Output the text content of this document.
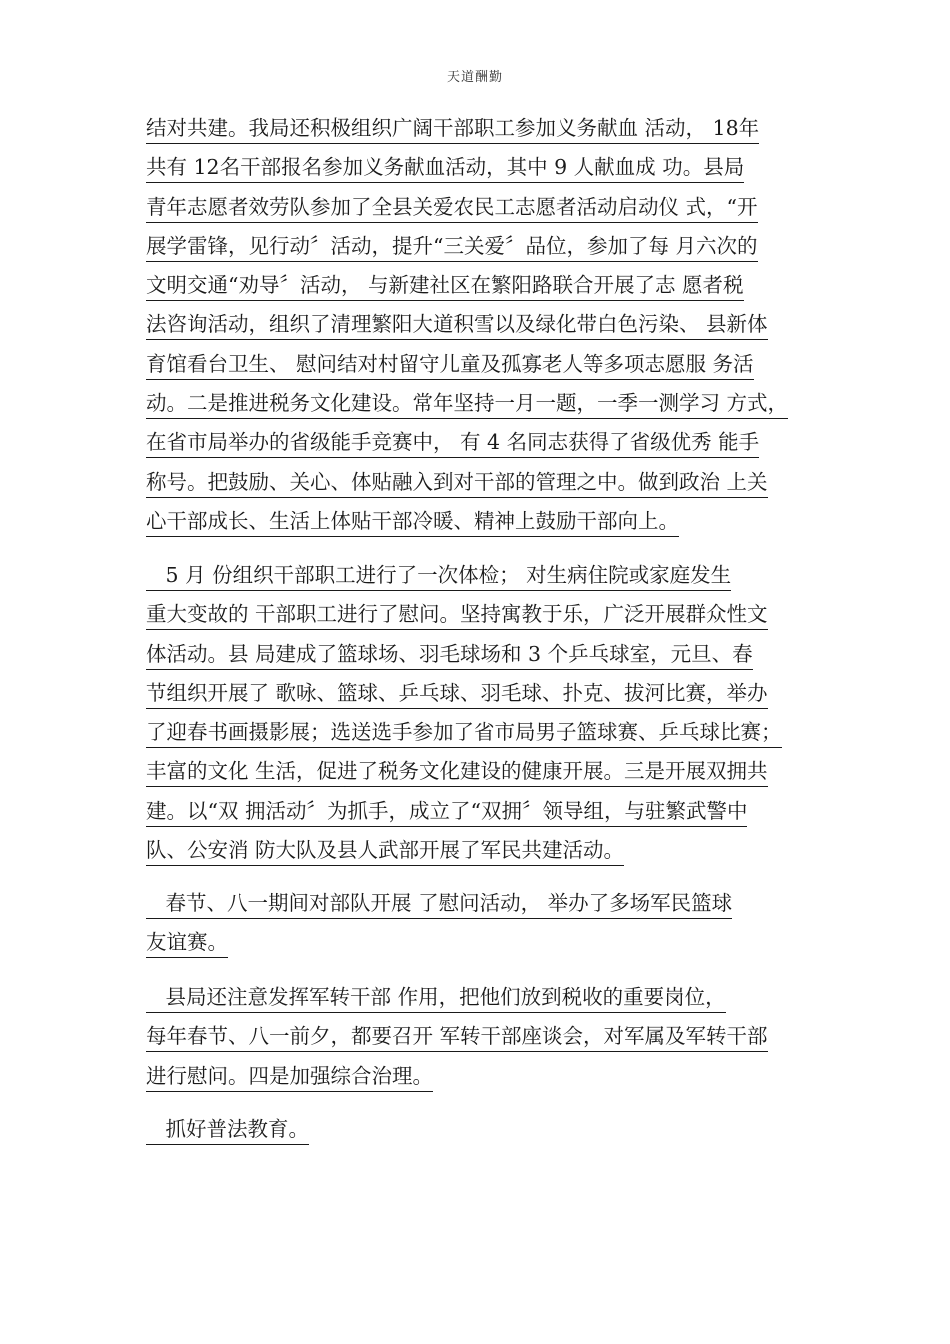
天道酬勤
结对共建。我局还积极组织广阔干部职工参加义务献血 活动， 18年
共有 12名干部报名参加义务献血活动，其中 9 人献血成 功。县局
青年志愿者效劳队参加了全县关爱农民工志愿者活动启动仪 式，“开
展学雷锋，见行动〞活动，提升“三关爱〞品位，参加了每 月六次的
文明交通“劝导〞活动， 与新建社区在繁阳路联合开展了志 愿者税
法咨询活动，组织了清理繁阳大道积雪以及绿化带白色污染、 县新体
育馆看台卫生、 慰问结对村留守儿童及孤寡老人等多项志愿服 务活
动。二是推进税务文化建设。常年坚持一月一题，一季一测学习 方式，
在省市局举办的省级能手竞赛中， 有 4 名同志获得了省级优秀 能手
称号。把鼓励、关心、体贴融入到对干部的管理之中。做到政治 上关
心干部成长、生活上体贴干部冷暖、精神上鼓励干部向上。
5 月 份组织干部职工进行了一次体检； 对生病住院或家庭发生
重大变故的 干部职工进行了慰问。坚持寓教于乐，广泛开展群众性文
体活动。县 局建成了篮球场、羽毛球场和 3 个乒乓球室，元旦、春
节组织开展了 歌咏、篮球、乒乓球、羽毛球、扑克、拔河比赛，举办
了迎春书画摄影展；选送选手参加了省市局男子篮球赛、乒乓球比赛；
丰富的文化 生活，促进了税务文化建设的健康开展。三是开展双拥共
建。以“双 拥活动〞为抓手，成立了“双拥〞领导组，与驻繁武警中
队、公安消 防大队及县人武部开展了军民共建活动。
春节、八一期间对部队开展 了慰问活动， 举办了多场军民篮球
友谊赛。
县局还注意发挥军转干部 作用，把他们放到税收的重要岗位，
每年春节、八一前夕，都要召开 军转干部座谈会，对军属及军转干部
进行慰问。四是加强综合治理。
抓好普法教育。
